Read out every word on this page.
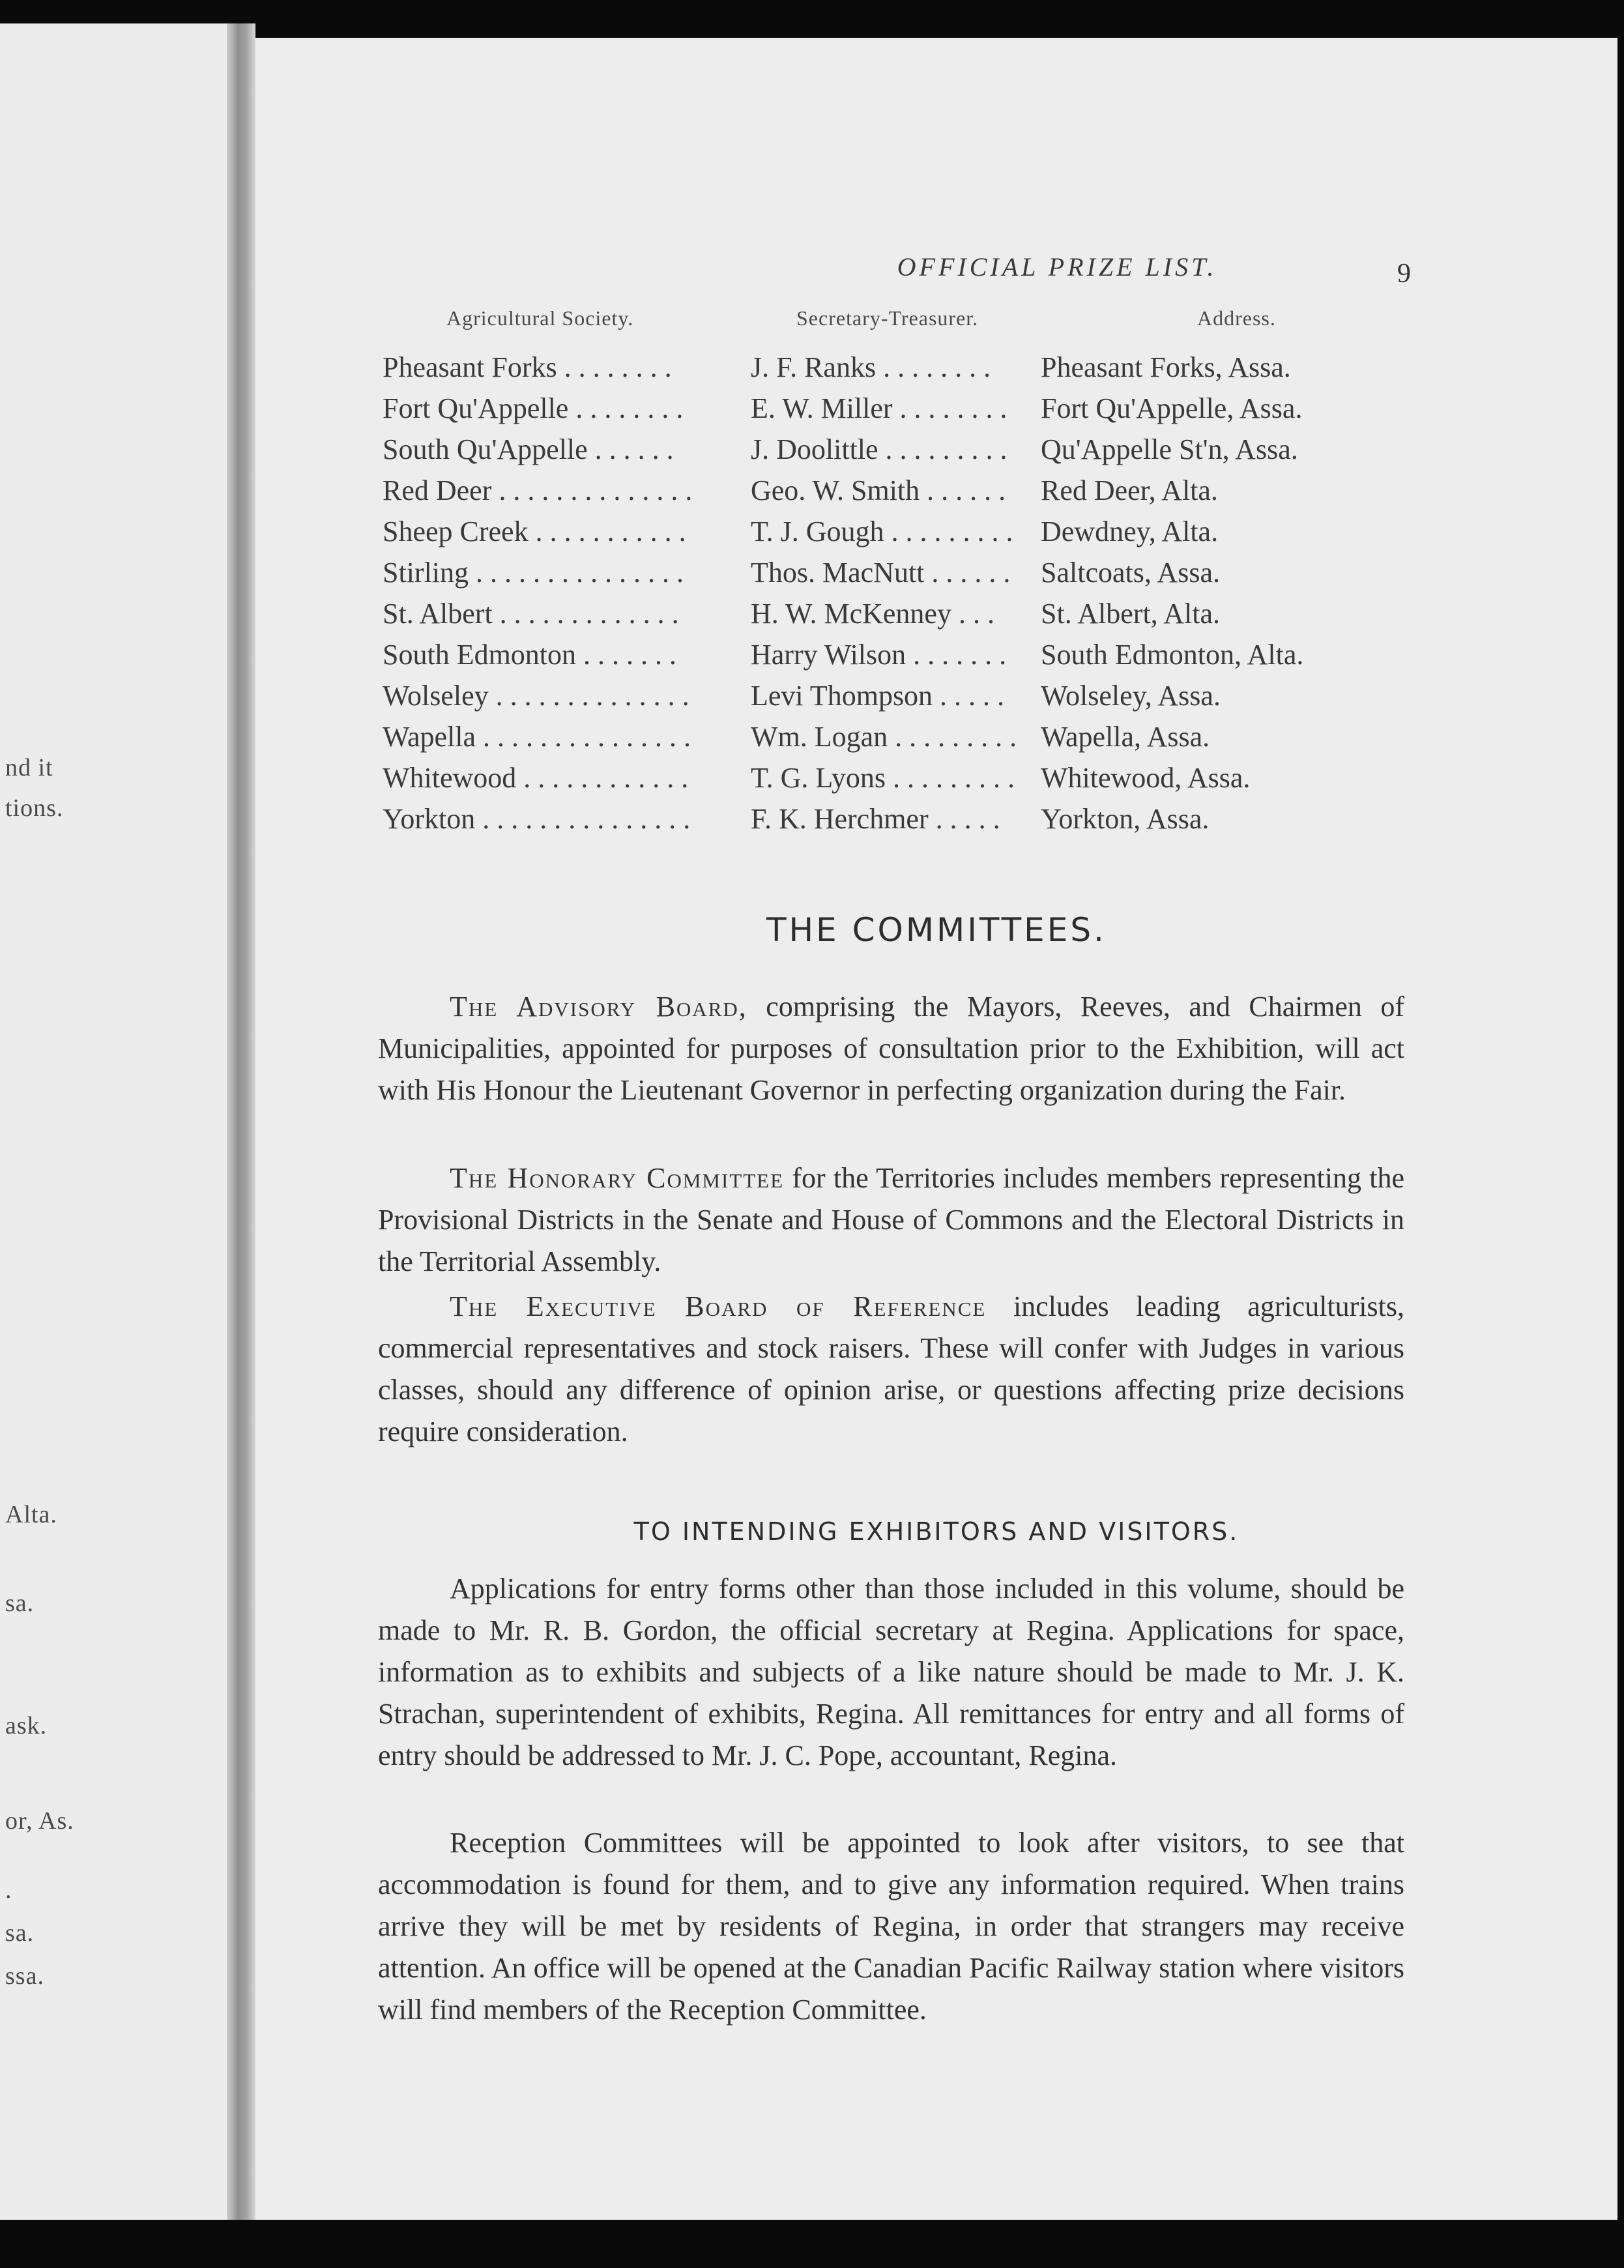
nd it
tions.
Alta.
sa.
ask.
or, As.
.
sa.
ssa.
OFFICIAL PRIZE LIST.	9
Agricultural Society.	Secretary-Treasurer.	Address.
Pheasant Forks . . . . . . . .	J. F. Ranks . . . . . . . . Pheasant Forks, Assa.
Fort Qu'Appelle . . . . . . . . E. W. Miller . . . . . . . . Fort Qu'Appelle, Assa.
South Qu'Appelle . . . . . .	J. Doolittle . . . . . . . . . Qu'Appelle St'n, Assa.
Red Deer . . . . . . . . . . . . . . Geo. W. Smith . . . . . . Red Deer, Alta.
Sheep Creek . . . . . . . . . . . T. J. Gough . . . . . . . . . Dewdney, Alta.
Stirling . . . . . . . . . . . . . . . Thos. MacNutt . . . . . . Saltcoats, Assa.
St. Albert . . . . . . . . . . . . .	H. W. McKenney . . . St. Albert, Alta.
South Edmonton . . . . . . .	Harry Wilson . . . . . . . South Edmonton, Alta.
Wolseley . . . . . . . . . . . . . . Levi Thompson . . . . . Wolseley, Assa.
Wapella . . . . . . . . . . . . . . . Wm. Logan . . . . . . . . . Wapella, Assa.
Whitewood . . . . . . . . . . . . T. G. Lyons . . . . . . . . . Whitewood, Assa.
Yorkton . . . . . . . . . . . . . . . F. K. Herchmer . . . . . Yorkton, Assa.
THE COMMITTEES.

The Advisory Board, comprising the Mayors, Reeves, and Chairmen of Municipalities, appointed for purposes of consultation prior to the Exhibition, will act with His Honour the Lieutenant Governor in perfecting organization during the Fair.

The Honorary Committee for the Territories includes members representing the Provisional Districts in the Senate and House of Commons and the Electoral Districts in the Territorial Assembly.

The Executive Board of Reference includes leading agriculturists, commercial representatives and stock raisers. These will confer with Judges in various classes, should any difference of opinion arise, or questions affecting prize decisions require consideration.

TO INTENDING EXHIBITORS AND VISITORS.

Applications for entry forms other than those included in this volume, should be made to Mr. R. B. Gordon, the official secretary at Regina. Applications for space, information as to exhibits and subjects of a like nature should be made to Mr. J. K. Strachan, superintendent of exhibits, Regina. All remittances for entry and all forms of entry should be addressed to Mr. J. C. Pope, accountant, Regina.

Reception Committees will be appointed to look after visitors, to see that accommodation is found for them, and to give any information required. When trains arrive they will be met by residents of Regina, in order that strangers may receive attention. An office will be opened at the Canadian Pacific Railway station where visitors will find members of the Reception Committee.
